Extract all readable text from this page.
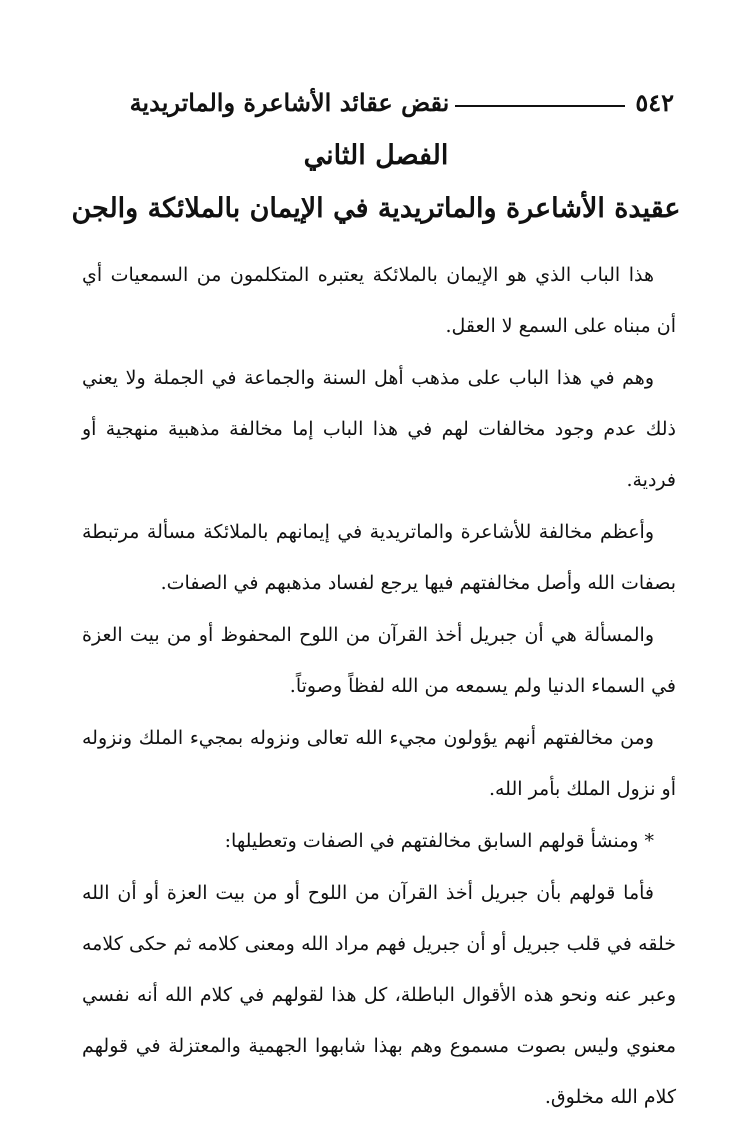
٥٤٢
نقض عقائد الأشاعرة والماتريدية
الفصل الثاني
عقيدة الأشاعرة والماتريدية في الإيمان بالملائكة والجن

هذا الباب الذي هو الإيمان بالملائكة يعتبره المتكلمون من السمعيات أي أن مبناه على السمع لا العقل.

وهم في هذا الباب على مذهب أهل السنة والجماعة في الجملة ولا يعني ذلك عدم وجود مخالفات لهم في هذا الباب إما مخالفة مذهبية منهجية أو فردية.

وأعظم مخالفة للأشاعرة والماتريدية في إيمانهم بالملائكة مسألة مرتبطة بصفات الله وأصل مخالفتهم فيها يرجع لفساد مذهبهم في الصفات.

والمسألة هي أن جبريل أخذ القرآن من اللوح المحفوظ أو من بيت العزة في السماء الدنيا ولم يسمعه من الله لفظاً وصوتاً.

ومن مخالفتهم أنهم يؤولون مجيء الله تعالى ونزوله بمجيء الملك ونزوله أو نزول الملك بأمر الله.

* ومنشأ قولهم السابق مخالفتهم في الصفات وتعطيلها:

فأما قولهم بأن جبريل أخذ القرآن من اللوح أو من بيت العزة أو أن الله خلقه في قلب جبريل أو أن جبريل فهم مراد الله ومعنى كلامه ثم حكى كلامه وعبر عنه ونحو هذه الأقوال الباطلة، كل هذا لقولهم في كلام الله أنه نفسي معنوي وليس بصوت مسموع وهم بهذا شابهوا الجهمية والمعتزلة في قولهم كلام الله مخلوق.
